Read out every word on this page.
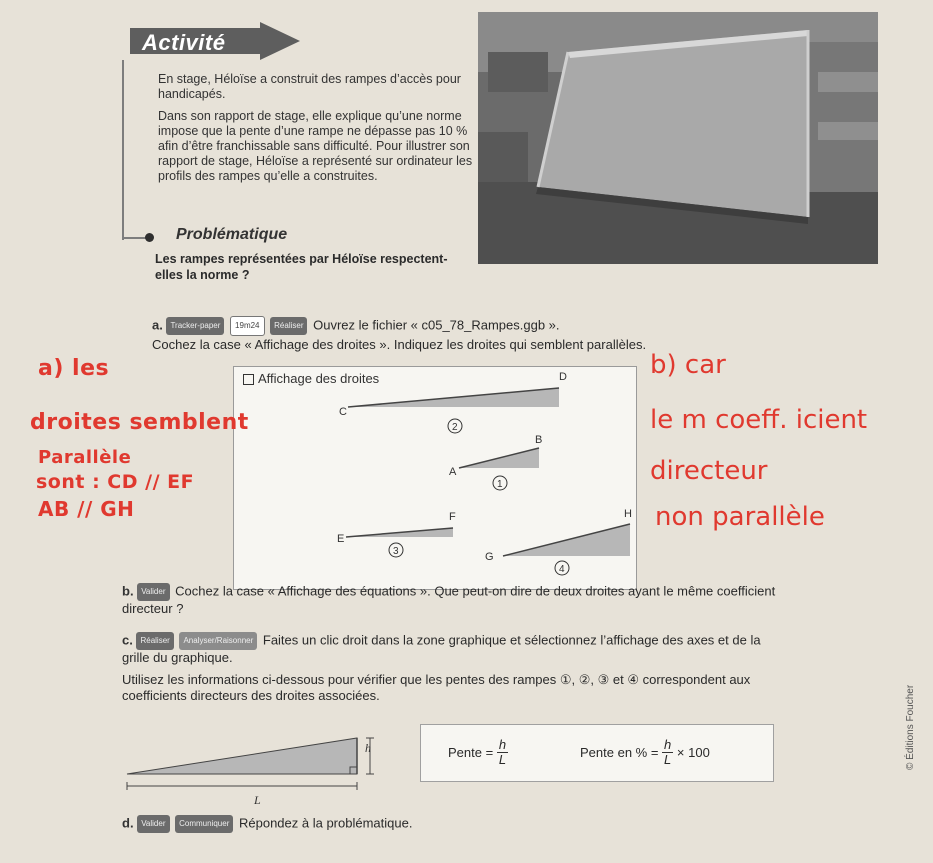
Activité

En stage, Héloïse a construit des rampes d’accès pour handicapés.

Dans son rapport de stage, elle explique qu’une norme impose que la pente d’une rampe ne dépasse pas 10 % afin d’être franchissable sans difficulté. Pour illustrer son rapport de stage, Héloïse a représenté sur ordinateur les profils des rampes qu’elle a construites.

Problématique
Les rampes représentées par Héloïse respectent-elles la norme ?
a. Tracker-paper 19m24 Réaliser Ouvrez le fichier « c05_78_Rampes.ggb ».
Cochez la case « Affichage des droites ». Indiquez les droites qui semblent parallèles.
Affichage des droites
C
D
2
A
B
1
E
F
3	G
H
4
a) les
droites semblent
Parallèle
sont : CD // EF
AB // GH
b) car
le m coeff. icient
directeur
non parallèle
b. Valider Cochez la case « Affichage des équations ». Que peut-on dire de deux droites ayant le même coefficient directeur ?
c. Réaliser Analyser/Raisonner Faites un clic droit dans la zone graphique et sélectionnez l’affichage des axes et de la grille du graphique.
Utilisez les informations ci-dessous pour vérifier que les pentes des rampes ①, ②, ③ et ④ correspondent aux coefficients directeurs des droites associées.
h
L
Pente = $\frac{h}{L}$	Pente en % = $\frac{h}{L} \times 100$
d. Valider Communiquer Répondez à la problématique.
© Éditions Foucher
